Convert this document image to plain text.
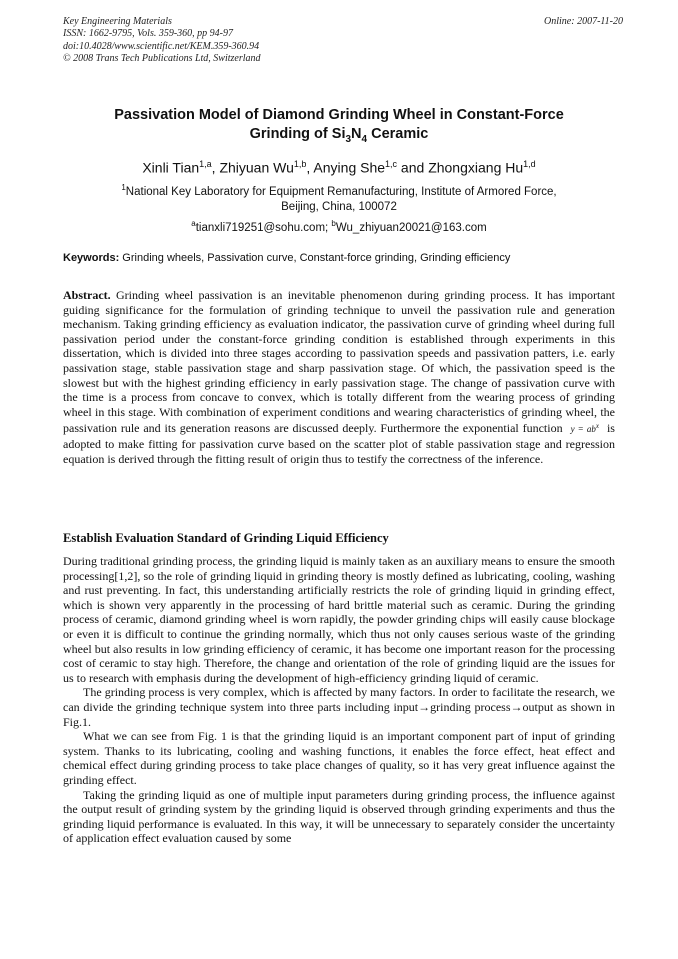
Key Engineering Materials
ISSN: 1662-9795, Vols. 359-360, pp 94-97
doi:10.4028/www.scientific.net/KEM.359-360.94
© 2008 Trans Tech Publications Ltd, Switzerland
Online: 2007-11-20
Passivation Model of Diamond Grinding Wheel in Constant-Force
Grinding of $Si_3N_4$ Ceramic
Xinli Tian$^{1,a}$, Zhiyuan Wu$^{1,b}$, Anying She$^{1,c}$ and Zhongxiang Hu$^{1,d}$
$^1$National Key Laboratory for Equipment Remanufacturing, Institute of Armored Force,
Beijing, China, 100072
$^a$tianxli719251@sohu.com; $^b$Wu_zhiyuan20021@163.com
Keywords: Grinding wheels, Passivation curve, Constant-force grinding, Grinding efficiency

Abstract. Grinding wheel passivation is an inevitable phenomenon during grinding process. It has important guiding significance for the formulation of grinding technique to unveil the passivation rule and generation mechanism. Taking grinding efficiency as evaluation indicator, the passivation curve of grinding wheel during full passivation period under the constant-force grinding condition is established through experiments in this dissertation, which is divided into three stages according to passivation speeds and passivation patters, i.e. early passivation stage, stable passivation stage and sharp passivation stage. Of which, the passivation speed is the slowest but with the highest grinding efficiency in early passivation stage. The change of passivation curve with the time is a process from concave to convex, which is totally different from the wearing process of grinding wheel in this stage. With combination of experiment conditions and wearing characteristics of grinding wheel, the passivation rule and its generation reasons are discussed deeply. Furthermore the exponential function $y = ab^x$ is adopted to make fitting for passivation curve based on the scatter plot of stable passivation stage and regression equation is derived through the fitting result of origin thus to testify the correctness of the inference.

Establish Evaluation Standard of Grinding Liquid Efficiency

During traditional grinding process, the grinding liquid is mainly taken as an auxiliary means to ensure the smooth processing[1,2], so the role of grinding liquid in grinding theory is mostly defined as lubricating, cooling, washing and rust preventing. In fact, this understanding artificially restricts the role of grinding liquid in grinding effect, which is shown very apparently in the processing of hard brittle material such as ceramic. During the grinding process of ceramic, diamond grinding wheel is worn rapidly, the powder grinding chips will easily cause blockage or even it is difficult to continue the grinding normally, which thus not only causes serious waste of the grinding wheel but also results in low grinding efficiency of ceramic, it has become one important reason for the processing cost of ceramic to stay high. Therefore, the change and orientation of the role of grinding liquid are the issues for us to research with emphasis during the development of high-efficiency grinding liquid of ceramic.

The grinding process is very complex, which is affected by many factors. In order to facilitate the research, we can divide the grinding technique system into three parts including input→grinding process→output as shown in Fig.1.

What we can see from Fig. 1 is that the grinding liquid is an important component part of input of grinding system. Thanks to its lubricating, cooling and washing functions, it enables the force effect, heat effect and chemical effect during grinding process to take place changes of quality, so it has very great influence against the grinding effect.

Taking the grinding liquid as one of multiple input parameters during grinding process, the influence against the output result of grinding system by the grinding liquid is observed through grinding experiments and thus the grinding liquid performance is evaluated. In this way, it will be unnecessary to separately consider the uncertainty of application effect evaluation caused by some
